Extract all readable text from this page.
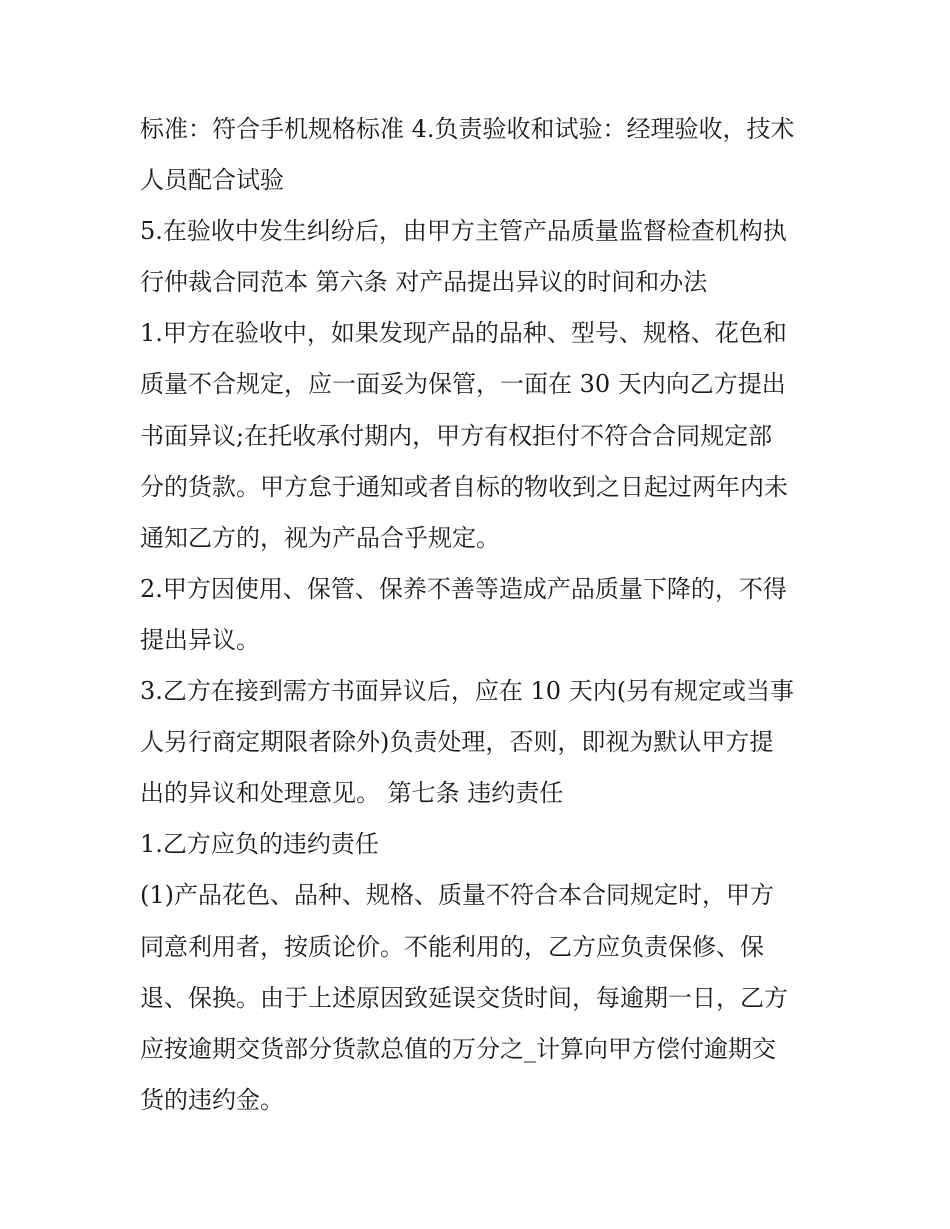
标准：符合手机规格标准 4.负责验收和试验：经理验收，技术
人员配合试验
5.在验收中发生纠纷后，由甲方主管产品质量监督检查机构执
行仲裁合同范本 第六条 对产品提出异议的时间和办法
1.甲方在验收中，如果发现产品的品种、型号、规格、花色和
质量不合规定，应一面妥为保管，一面在 30 天内向乙方提出
书面异议;在托收承付期内，甲方有权拒付不符合合同规定部
分的货款。甲方怠于通知或者自标的物收到之日起过两年内未
通知乙方的，视为产品合乎规定。
2.甲方因使用、保管、保养不善等造成产品质量下降的，不得
提出异议。
3.乙方在接到需方书面异议后，应在 10 天内(另有规定或当事
人另行商定期限者除外)负责处理，否则，即视为默认甲方提
出的异议和处理意见。 第七条 违约责任
1.乙方应负的违约责任
(1)产品花色、品种、规格、质量不符合本合同规定时，甲方
同意利用者，按质论价。不能利用的，乙方应负责保修、保
退、保换。由于上述原因致延误交货时间，每逾期一日，乙方
应按逾期交货部分货款总值的万分之_计算向甲方偿付逾期交
货的违约金。
